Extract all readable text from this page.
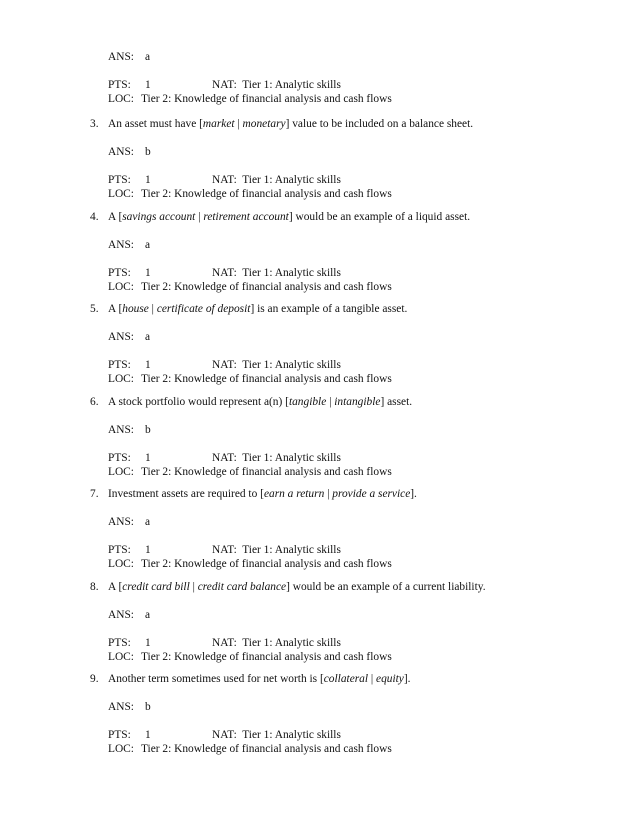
ANS: a
PTS: 1	NAT: Tier 1: Analytic skills
LOC: Tier 2: Knowledge of financial analysis and cash flows
3. An asset must have [market | monetary] value to be included on a balance sheet.
ANS: b
PTS: 1	NAT: Tier 1: Analytic skills
LOC: Tier 2: Knowledge of financial analysis and cash flows
4. A [savings account | retirement account] would be an example of a liquid asset.
ANS: a
PTS: 1	NAT: Tier 1: Analytic skills
LOC: Tier 2: Knowledge of financial analysis and cash flows
5. A [house | certificate of deposit] is an example of a tangible asset.
ANS: a
PTS: 1	NAT: Tier 1: Analytic skills
LOC: Tier 2: Knowledge of financial analysis and cash flows
6. A stock portfolio would represent a(n) [tangible | intangible] asset.
ANS: b
PTS: 1	NAT: Tier 1: Analytic skills
LOC: Tier 2: Knowledge of financial analysis and cash flows
7. Investment assets are required to [earn a return | provide a service].
ANS: a
PTS: 1	NAT: Tier 1: Analytic skills
LOC: Tier 2: Knowledge of financial analysis and cash flows
8. A [credit card bill | credit card balance] would be an example of a current liability.
ANS: a
PTS: 1	NAT: Tier 1: Analytic skills
LOC: Tier 2: Knowledge of financial analysis and cash flows
9. Another term sometimes used for net worth is [collateral | equity].
ANS: b
PTS: 1	NAT: Tier 1: Analytic skills
LOC: Tier 2: Knowledge of financial analysis and cash flows
